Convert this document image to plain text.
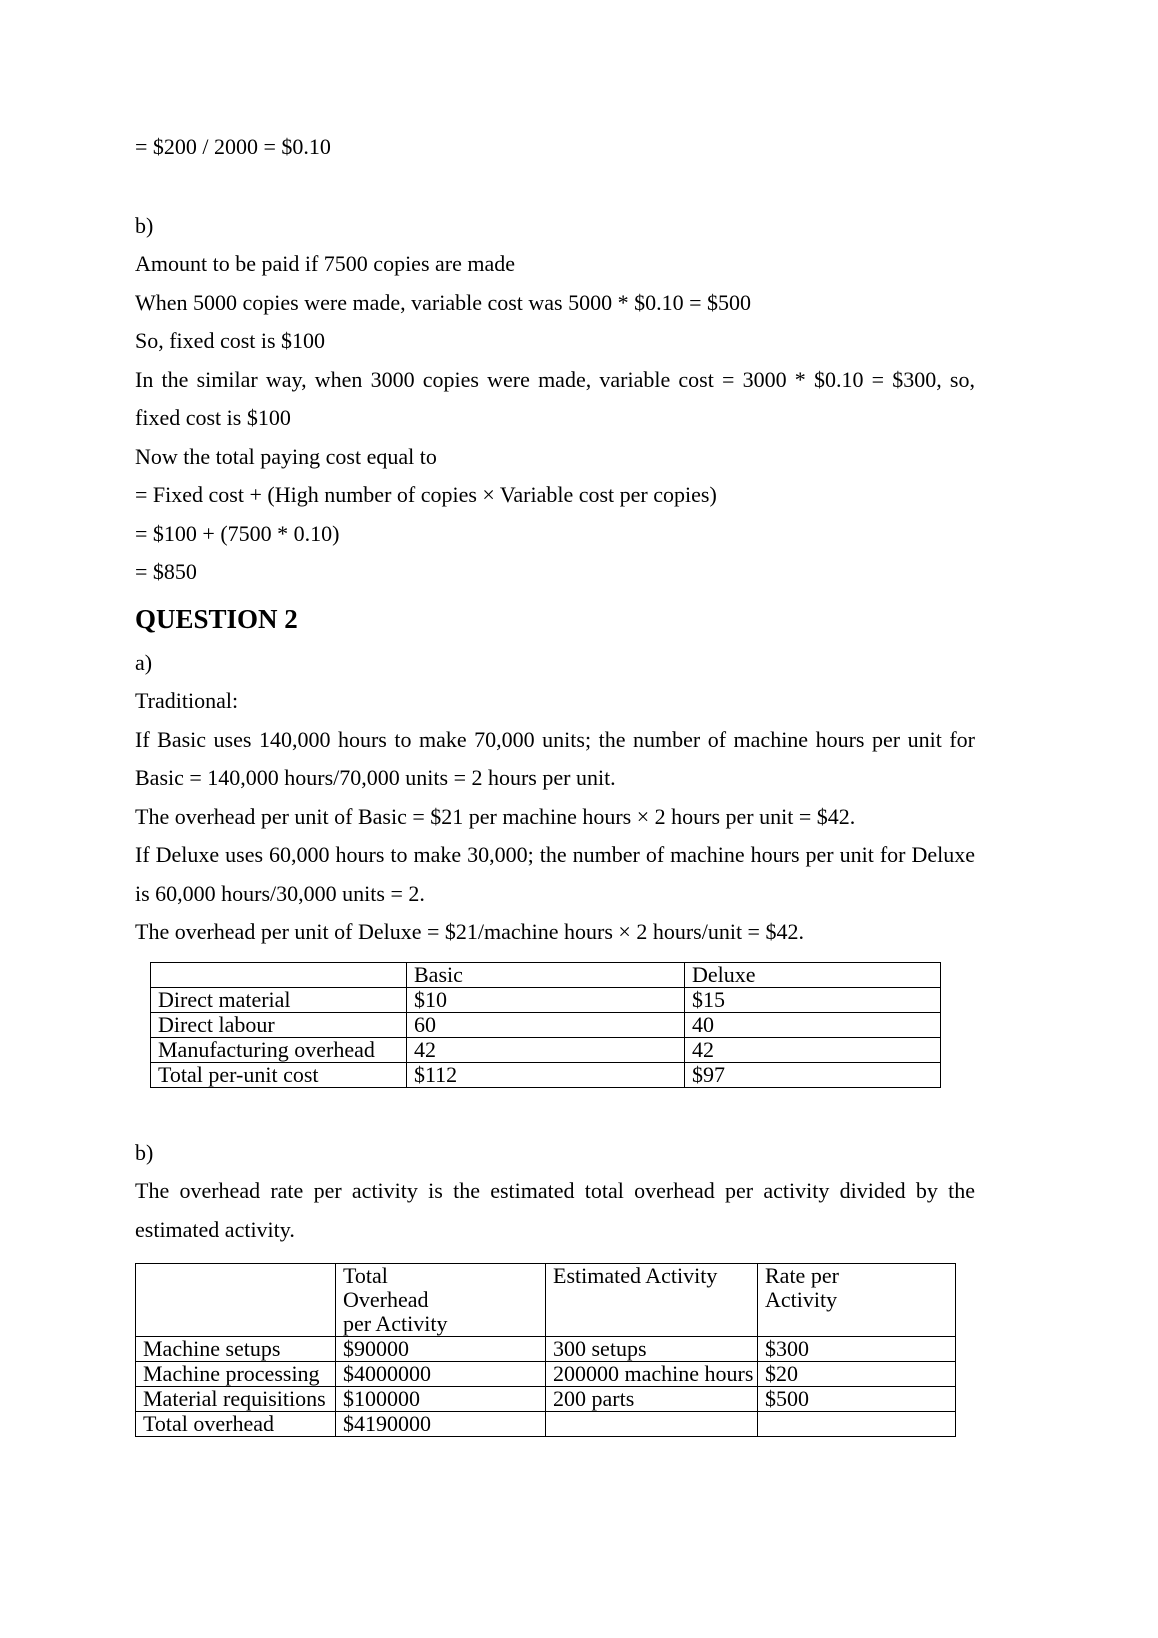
= $200 / 2000 = $0.10

b)

Amount to be paid if 7500 copies are made

When 5000 copies were made, variable cost was 5000 * $0.10 = $500

So, fixed cost is $100

In the similar way, when 3000 copies were made, variable cost = 3000 * $0.10 = $300, so, fixed cost is $100

Now the total paying cost equal to

= Fixed cost + (High number of copies × Variable cost per copies)

= $100 + (7500 * 0.10)

= $850

QUESTION 2

a)

Traditional:

If Basic uses 140,000 hours to make 70,000 units; the number of machine hours per unit for Basic = 140,000 hours/70,000 units = 2 hours per unit.

The overhead per unit of Basic = $21 per machine hours × 2 hours per unit = $42.

If Deluxe uses 60,000 hours to make 30,000; the number of machine hours per unit for Deluxe is 60,000 hours/30,000 units = 2.

The overhead per unit of Deluxe = $21/machine hours × 2 hours/unit = $42.

	Basic	Deluxe
Direct material	$10	$15
Direct labour	60	40
Manufacturing overhead	42	42
Total per-unit cost	$112	$97

b)

The overhead rate per activity is the estimated total overhead per activity divided by the estimated activity.

	Total Overhead per Activity	Estimated Activity	Rate per Activity
Machine setups	$90000	300 setups	$300
Machine processing	$4000000	200000 machine hours	$20
Material requisitions	$100000	200 parts	$500
Total overhead	$4190000		
